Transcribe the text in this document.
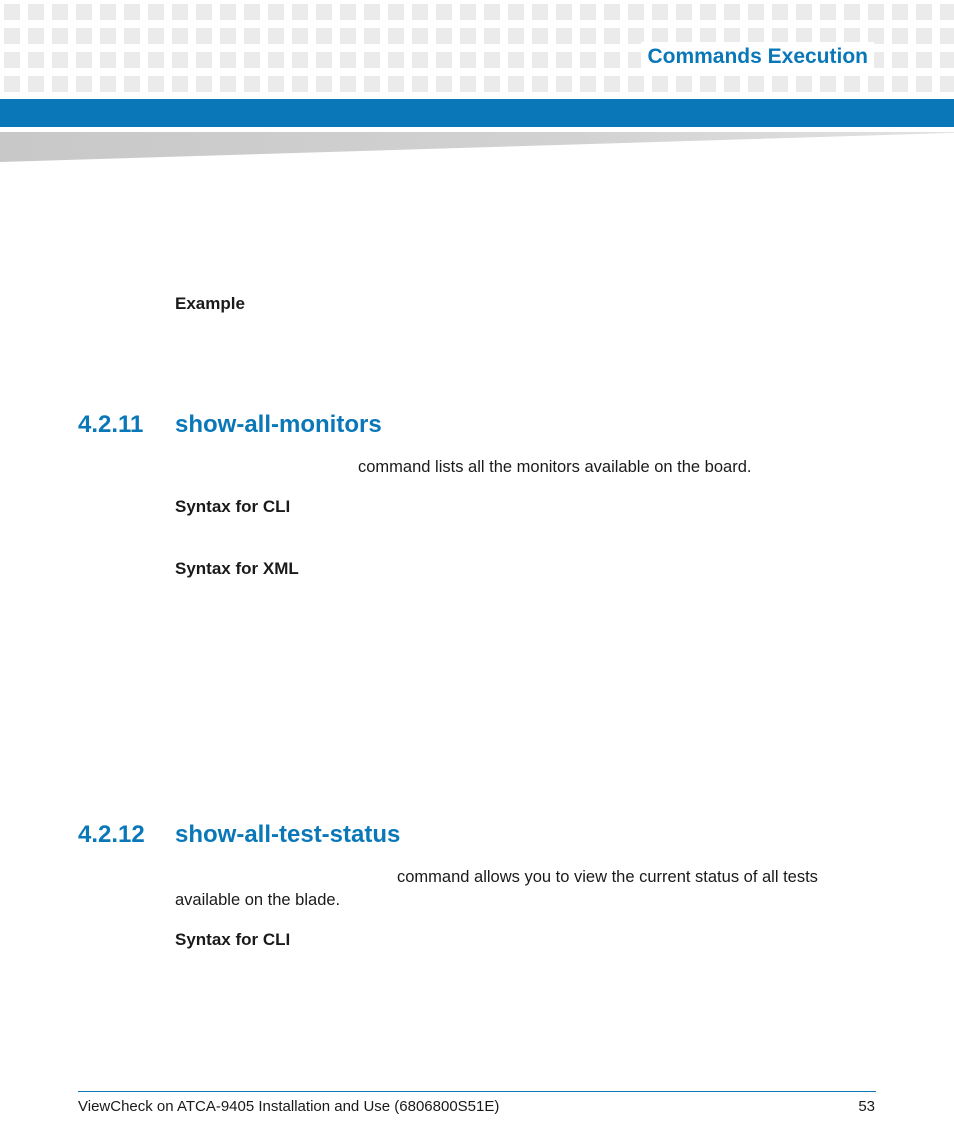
Commands Execution
Example
4.2.11 show-all-monitors
command lists all the monitors available on the board.
Syntax for CLI
Syntax for XML
4.2.12 show-all-test-status
command allows you to view the current status of all tests
available on the blade.
Syntax for CLI
ViewCheck on ATCA-9405 Installation and Use (6806800S51E)	53
